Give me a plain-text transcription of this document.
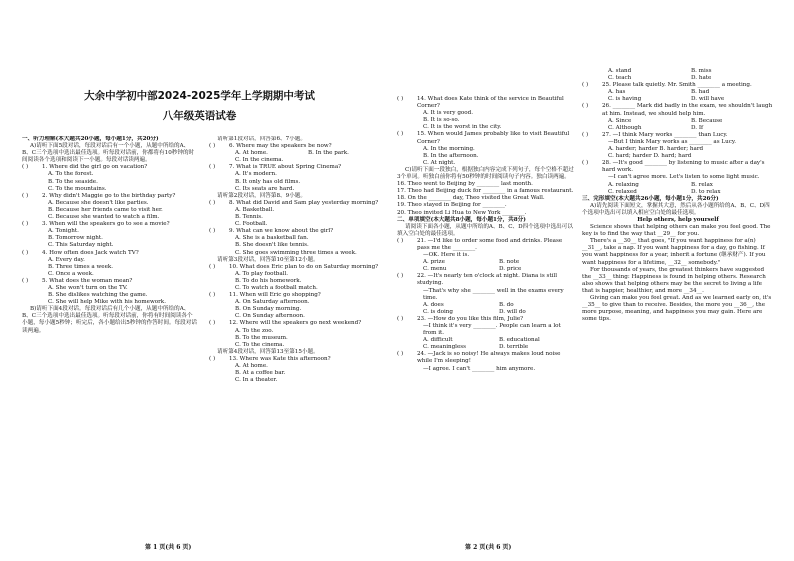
大余中学初中部2024-2025学年上学期期中考试
八年级英语试卷
一、听力理解(本大题共20小题，每小题1分，共20分)
A)请听下面5段对话，每段对话后有一个小题，从题中所给的A、B、C三个选项中选出最佳选项。听每段对话前，你都将有10秒钟的时间阅读各个选项和阅读下一小题。每段对话读两遍。
( )	1. Where did the girl go on vacation?
A. To the forest.
B. To the seaside.
C. To the mountains.
( )	2. Why didn't Maggie go to the birthday party?
A. Because she doesn't like parties.
B. Because her friends came to visit her.
C. Because she wanted to watch a film.
( )	3. When will the speakers go to see a movie?
A. Tonight.
B. Tomorrow night.
C. This Saturday night.
( )	4. How often does Jack watch TV?
A. Every day.
B. Three times a week.
C. Once a week.
( )	5. What does the woman mean?
A. She won't turn on the TV.
B. She dislikes watching the game.
C. She will help Mike with his homework.
B)请听下面4段对话。每段对话后有几个小题，从题中所给的A、B、C三个选项中选出最佳选项。听每段对话前，你将有时间阅读各个小题，每小题5秒钟；听完后，各小题给出5秒钟的作答时间。每段对话读两遍。
请听第1段对话，回答第6、7小题。
( )	6. Where may the speakers be now?
A. At home.	B. In the park.
C. In the cinema.
( )	7. What is TRUE about Spring Cinema?
A. It's modern.
B. It only has old films.
C. Its seats are hard.
请听第2段对话，回答第8、9小题。
( )	8. What did David and Sam play yesterday morning?
A. Basketball.
B. Tennis.
C. Football.
( )	9. What can we know about the girl?
A. She is a basketball fan.
B. She doesn't like tennis.
C. She goes swimming three times a week.
请听第3段对话，回答第10至第12小题。
( )	10. What does Eric plan to do on Saturday morning?
A. To play football.
B. To do his homework.
C. To watch a football match.
( )	11. When will Eric go shopping?
A. On Saturday afternoon.
B. On Sunday morning.
C. On Sunday afternoon.
( )	12. Where will the speakers go next weekend?
A. To the zoo.
B. To the museum.
C. To the cinema.
请听第4段对话，回答第13至第15小题。
( )	13. Where was Kate this afternoon?
A. At home.
B. At a coffee bar.
C. In a theater.
( )	14. What does Kate think of the service in Beautiful Corner?
A. It is very good.
B. It is so-so.
C. It is the worst in the city.
( )	15. When would James probably like to visit Beautiful Corner?
A. In the morning.
B. In the afternoon.
C. At night.
C)请听下面一段独白，根据独白内容完成下列句子，每个空格不超过3个单词。听独白前你将有50秒钟的时间阅读句子内容。独白读两遍。
16. Theo went to Beijing by ________ last month.
17. Theo had Beijing duck for ________ in a famous restaurant.
18. On the ________ day, Theo visited the Great Wall.
19. Theo stayed in Beijing for ________.
20. Theo invited Li Hua to New York ________.
二、单项填空(本大题共8小题，每小题1分，共8分)
请阅读下面各小题，从题中所给的A、B、C、D四个选项中选出可以填入空白处的最佳选项。
( )	21. —I'd like to order some food and drinks. Please pass me the ________.
—OK. Here it is.
A. prize	B. note
C. menu	D. price
( )	22. —It's nearly ten o'clock at night. Diana is still studying.
—That's why she ________ well in the exams every time.
A. does	B. do
C. is doing	D. will do
( )	23. —How do you like this film, Julie?
—I think it's very ________. People can learn a lot from it.
A. difficult	B. educational
C. meaningless	D. terrible
( )	24. —Jack is so noisy! He always makes loud noise while I'm sleeping!
—I agree. I can't ________ him anymore.
A. stand	B. miss
C. teach	D. hate
( )	25. Please talk quietly. Mr. Smith ________ a meeting.
A. has	B. had
C. is having	D. will have
( )	26. ________ Mark did badly in the exam, we shouldn't laugh at him. Instead, we should help him.
A. Since	B. Because
C. Although	D. If
( )	27. —I think Mary works ________ than Lucy.
—But I think Mary works as ________ as Lucy.
A. harder; harder B. harder; hard
C. hard; harder D. hard; hard
( )	28. —It's good ________ by listening to music after a day's hard work.
—I can't agree more. Let's listen to some light music.
A. relaxing	B. relax
C. relaxed	D. to relax
三、完形填空(本大题共26小题，每小题1分，共26分)
A)请先阅读下面短文，掌握其大意，然后从各小题所给的A、B、C、D四个选项中选出可以填入相应空白处的最佳选项。
Help others, help yourself
Science shows that helping others can make you feel good. The key is to find the way that __29__ for you.
There's a __30__ that goes, "If you want happiness for a(n) __31__, take a nap. If you want happiness for a day, go fishing. If you want happiness for a year, inherit a fortune (继承财产). If you want happiness for a lifetime, __32__ somebody."
For thousands of years, the greatest thinkers have suggested the __33__ thing: Happiness is found in helping others. Research also shows that helping others may be the secret to living a life that is happier, healthier, and more __34__.
Giving can make you feel great. And as we learned early on, it's __35__ to give than to receive. Besides, the more you __36__, the more purpose, meaning, and happiness you may gain. Here are some tips.
第 1 页(共 6 页)	第 2 页(共 6 页)
